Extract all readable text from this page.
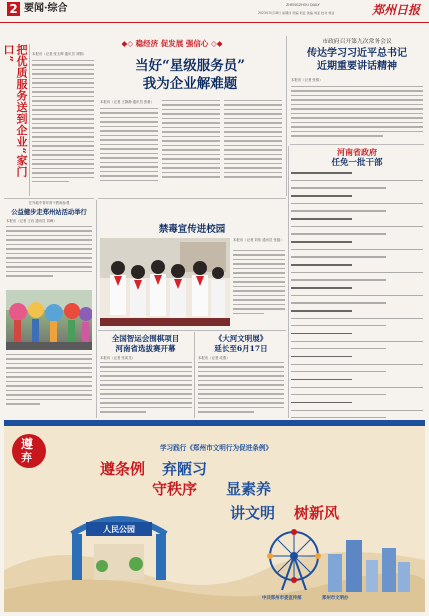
2 要闻·综合	ZHENGZHOU DAILY
2023年5月18日 星期四 责编 刘亚 美编 刘亚 校对 刘亚	郑州日报
◆◇ 稳经济 促发展 强信心 ◇◆
把优质服务送到企业“家门口”	本报讯（记者 张玉辉 通讯员 刘钢）
当好“星级服务员”
我为企业解难题
本报讯（记者 王静静 通讯员 张豪）
市政府召开第九次常务会议
传达学习习近平总书记
近期重要讲话精神
本报讯（记者 张倩）
河南省政府
任免一批干部
在外地中青年骨干教师参观
公益健步走郑州站活动举行
本报讯（记者 王岩 通讯员 刘峰）
禁毒宣传进校园
本报讯（记者 刘伟 通讯员 张磊）
全国智运会围棋项目
河南省选拔赛开幕
本报讯（记者 张寅龙）
《大河文明展》
延长至6月17日
本报讯（记者 成燕）
遵
弃
学习践行《郑州市文明行为促进条例》
遵条例 弃陋习
守秩序 显素养
讲文明 树新风
人民公园
中共郑州市委宣传部	郑州市文明办
